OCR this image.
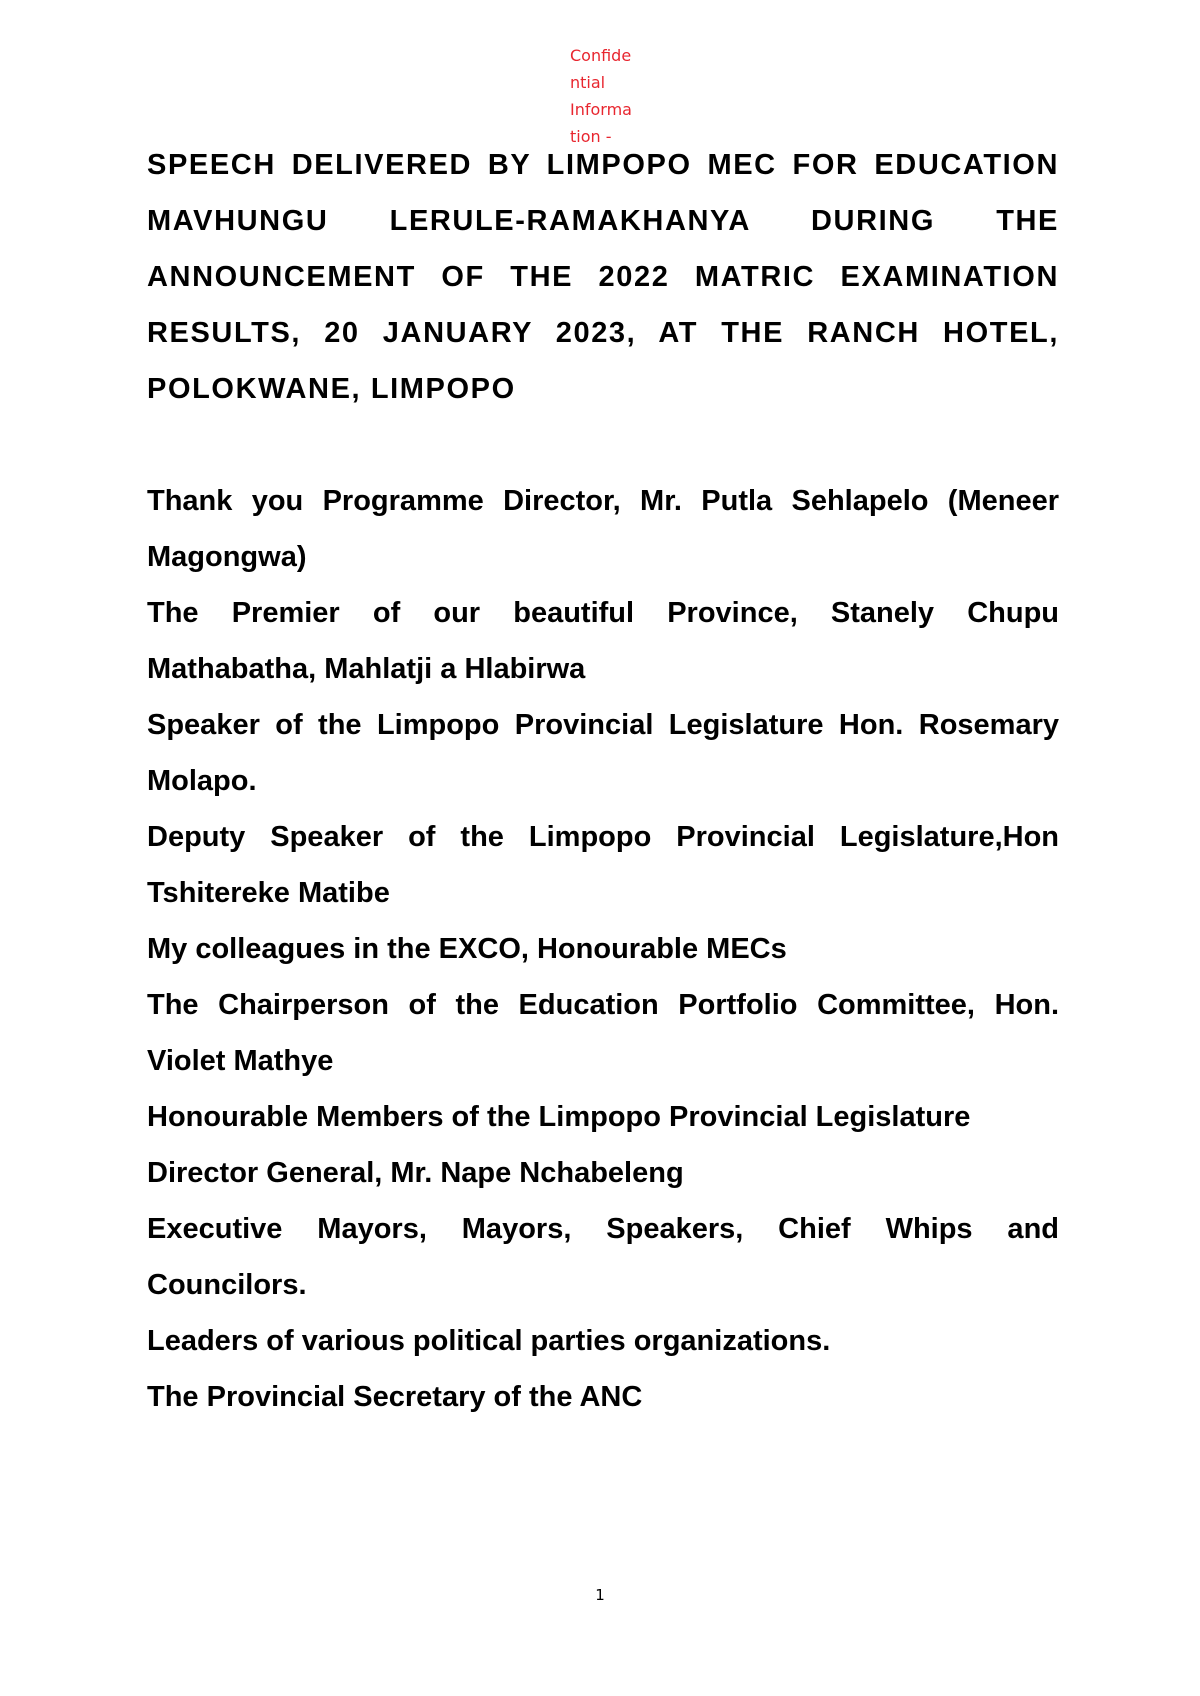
Confide
ntial
Informa
tion -

SPEECH DELIVERED BY LIMPOPO MEC FOR EDUCATION MAVHUNGU LERULE-RAMAKHANYA DURING THE ANNOUNCEMENT OF THE 2022 MATRIC EXAMINATION RESULTS, 20 JANUARY 2023, AT THE RANCH HOTEL, POLOKWANE, LIMPOPO

Thank you Programme Director, Mr. Putla Sehlapelo (Meneer Magongwa)

The Premier of our beautiful Province, Stanely Chupu Mathabatha, Mahlatji a Hlabirwa

Speaker of the Limpopo Provincial Legislature Hon. Rosemary Molapo.

Deputy Speaker of the Limpopo Provincial Legislature,Hon Tshitereke Matibe

My colleagues in the EXCO, Honourable MECs

The Chairperson of the Education Portfolio Committee, Hon. Violet Mathye

Honourable Members of the Limpopo Provincial Legislature

Director General, Mr. Nape Nchabeleng

Executive Mayors, Mayors, Speakers, Chief Whips and Councilors.

Leaders of various political parties organizations.

The Provincial Secretary of the ANC

1
